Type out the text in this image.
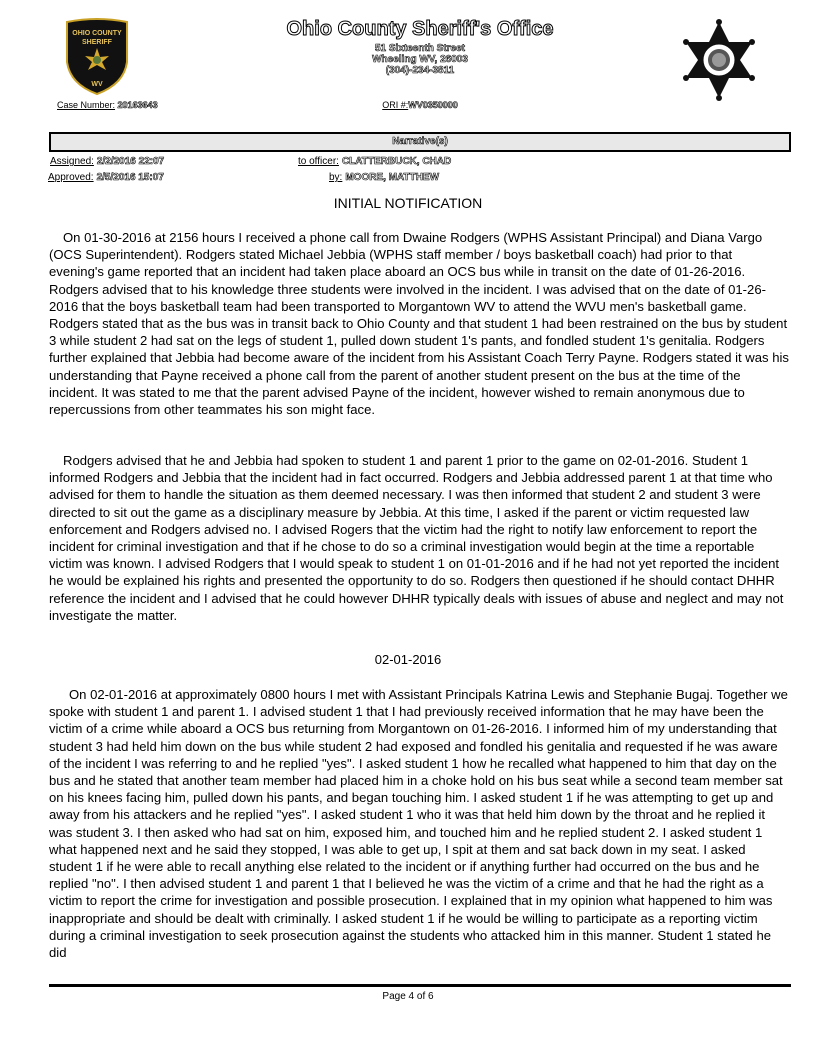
OHIO COUNTY
SHERIFF
WV
Case Number: 20163643
Ohio County Sheriff's Office
51 Sixteenth Street
Wheeling WV, 26003
(304)-234-3811
ORI #:WV0350000
Narrative(s)
Assigned: 2/2/2016 22:07	to officer: CLATTERBUCK, CHAD
Approved: 2/5/2016 15:07	by: MOORE, MATTHEW
INITIAL NOTIFICATION
On 01-30-2016 at 2156 hours I received a phone call from Dwaine Rodgers (WPHS Assistant Principal) and Diana Vargo (OCS Superintendent). Rodgers stated Michael Jebbia (WPHS staff member / boys basketball coach) had prior to that evening's game reported that an incident had taken place aboard an OCS bus while in transit on the date of 01-26-2016. Rodgers advised that to his knowledge three students were involved in the incident. I was advised that on the date of 01-26-2016 that the boys basketball team had been transported to Morgantown WV to attend the WVU men's basketball game. Rodgers stated that as the bus was in transit back to Ohio County and that student 1 had been restrained on the bus by student 3 while student 2 had sat on the legs of student 1, pulled down student 1's pants, and fondled student 1's genitalia. Rodgers further explained that Jebbia had become aware of the incident from his Assistant Coach Terry Payne. Rodgers stated it was his understanding that Payne received a phone call from the parent of another student present on the bus at the time of the incident. It was stated to me that the parent advised Payne of the incident, however wished to remain anonymous due to repercussions from other teammates his son might face.
Rodgers advised that he and Jebbia had spoken to student 1 and parent 1 prior to the game on 02-01-2016. Student 1 informed Rodgers and Jebbia that the incident had in fact occurred. Rodgers and Jebbia addressed parent 1 at that time who advised for them to handle the situation as them deemed necessary. I was then informed that student 2 and student 3 were directed to sit out the game as a disciplinary measure by Jebbia. At this time, I asked if the parent or victim requested law enforcement and Rodgers advised no. I advised Rogers that the victim had the right to notify law enforcement to report the incident for criminal investigation and that if he chose to do so a criminal investigation would begin at the time a reportable victim was known. I advised Rodgers that I would speak to student 1 on 01-01-2016 and if he had not yet reported the incident he would be explained his rights and presented the opportunity to do so. Rodgers then questioned if he should contact DHHR reference the incident and I advised that he could however DHHR typically deals with issues of abuse and neglect and may not investigate the matter.
02-01-2016
On 02-01-2016 at approximately 0800 hours I met with Assistant Principals Katrina Lewis and Stephanie Bugaj. Together we spoke with student 1 and parent 1. I advised student 1 that I had previously received information that he may have been the victim of a crime while aboard a OCS bus returning from Morgantown on 01-26-2016. I informed him of my understanding that student 3 had held him down on the bus while student 2 had exposed and fondled his genitalia and requested if he was aware of the incident I was referring to and he replied "yes". I asked student 1 how he recalled what happened to him that day on the bus and he stated that another team member had placed him in a choke hold on his bus seat while a second team member sat on his knees facing him, pulled down his pants, and began touching him. I asked student 1 if he was attempting to get up and away from his attackers and he replied "yes". I asked student 1 who it was that held him down by the throat and he replied it was student 3. I then asked who had sat on him, exposed him, and touched him and he replied student 2. I asked student 1 what happened next and he said they stopped, I was able to get up, I spit at them and sat back down in my seat. I asked student 1 if he were able to recall anything else related to the incident or if anything further had occurred on the bus and he replied "no". I then advised student 1 and parent 1 that I believed he was the victim of a crime and that he had the right as a victim to report the crime for investigation and possible prosecution. I explained that in my opinion what happened to him was inappropriate and should be dealt with criminally. I asked student 1 if he would be willing to participate as a reporting victim during a criminal investigation to seek prosecution against the students who attacked him in this manner. Student 1 stated he did
Page 4 of 6
